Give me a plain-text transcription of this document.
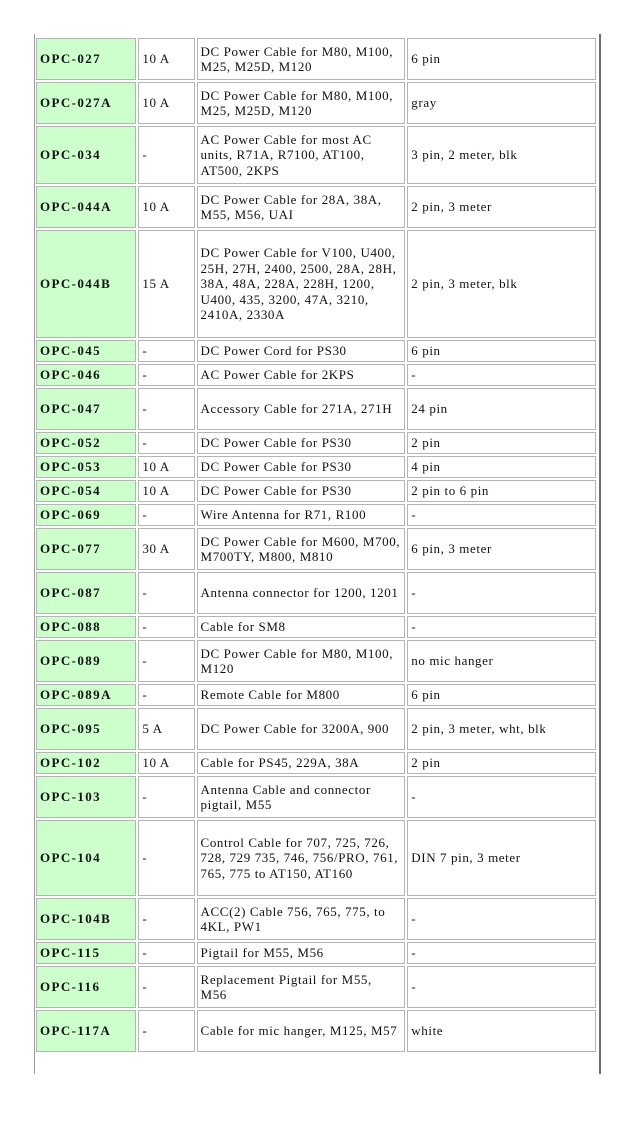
OPC-027	10 A	DC Power Cable for M80, M100, M25, M25D, M120	6 pin
OPC-027A	10 A	DC Power Cable for M80, M100, M25, M25D, M120	gray
OPC-034	-	AC Power Cable for most AC units, R71A, R7100, AT100, AT500, 2KPS	3 pin, 2 meter, blk
OPC-044A	10 A	DC Power Cable for 28A, 38A, M55, M56, UAI	2 pin, 3 meter
OPC-044B	15 A	DC Power Cable for V100, U400, 25H, 27H, 2400, 2500, 28A, 28H, 38A, 48A, 228A, 228H, 1200, U400, 435, 3200, 47A, 3210, 2410A, 2330A	2 pin, 3 meter, blk
OPC-045	-	DC Power Cord for PS30	6 pin
OPC-046	-	AC Power Cable for 2KPS	-
OPC-047	-	Accessory Cable for 271A, 271H	24 pin
OPC-052	-	DC Power Cable for PS30	2 pin
OPC-053	10 A	DC Power Cable for PS30	4 pin
OPC-054	10 A	DC Power Cable for PS30	2 pin to 6 pin
OPC-069	-	Wire Antenna for R71, R100	-
OPC-077	30 A	DC Power Cable for M600, M700, M700TY, M800, M810	6 pin, 3 meter
OPC-087	-	Antenna connector for 1200, 1201	-
OPC-088	-	Cable for SM8	-
OPC-089	-	DC Power Cable for M80, M100, M120	no mic hanger
OPC-089A	-	Remote Cable for M800	6 pin
OPC-095	5 A	DC Power Cable for 3200A, 900	2 pin, 3 meter, wht, blk
OPC-102	10 A	Cable for PS45, 229A, 38A	2 pin
OPC-103	-	Antenna Cable and connector pigtail, M55	-
OPC-104	-	Control Cable for 707, 725, 726, 728, 729 735, 746, 756/PRO, 761, 765, 775 to AT150, AT160	DIN 7 pin, 3 meter
OPC-104B	-	ACC(2) Cable 756, 765, 775, to 4KL, PW1	-
OPC-115	-	Pigtail for M55, M56	-
OPC-116	-	Replacement Pigtail for M55, M56	-
OPC-117A	-	Cable for mic hanger, M125, M57	white
